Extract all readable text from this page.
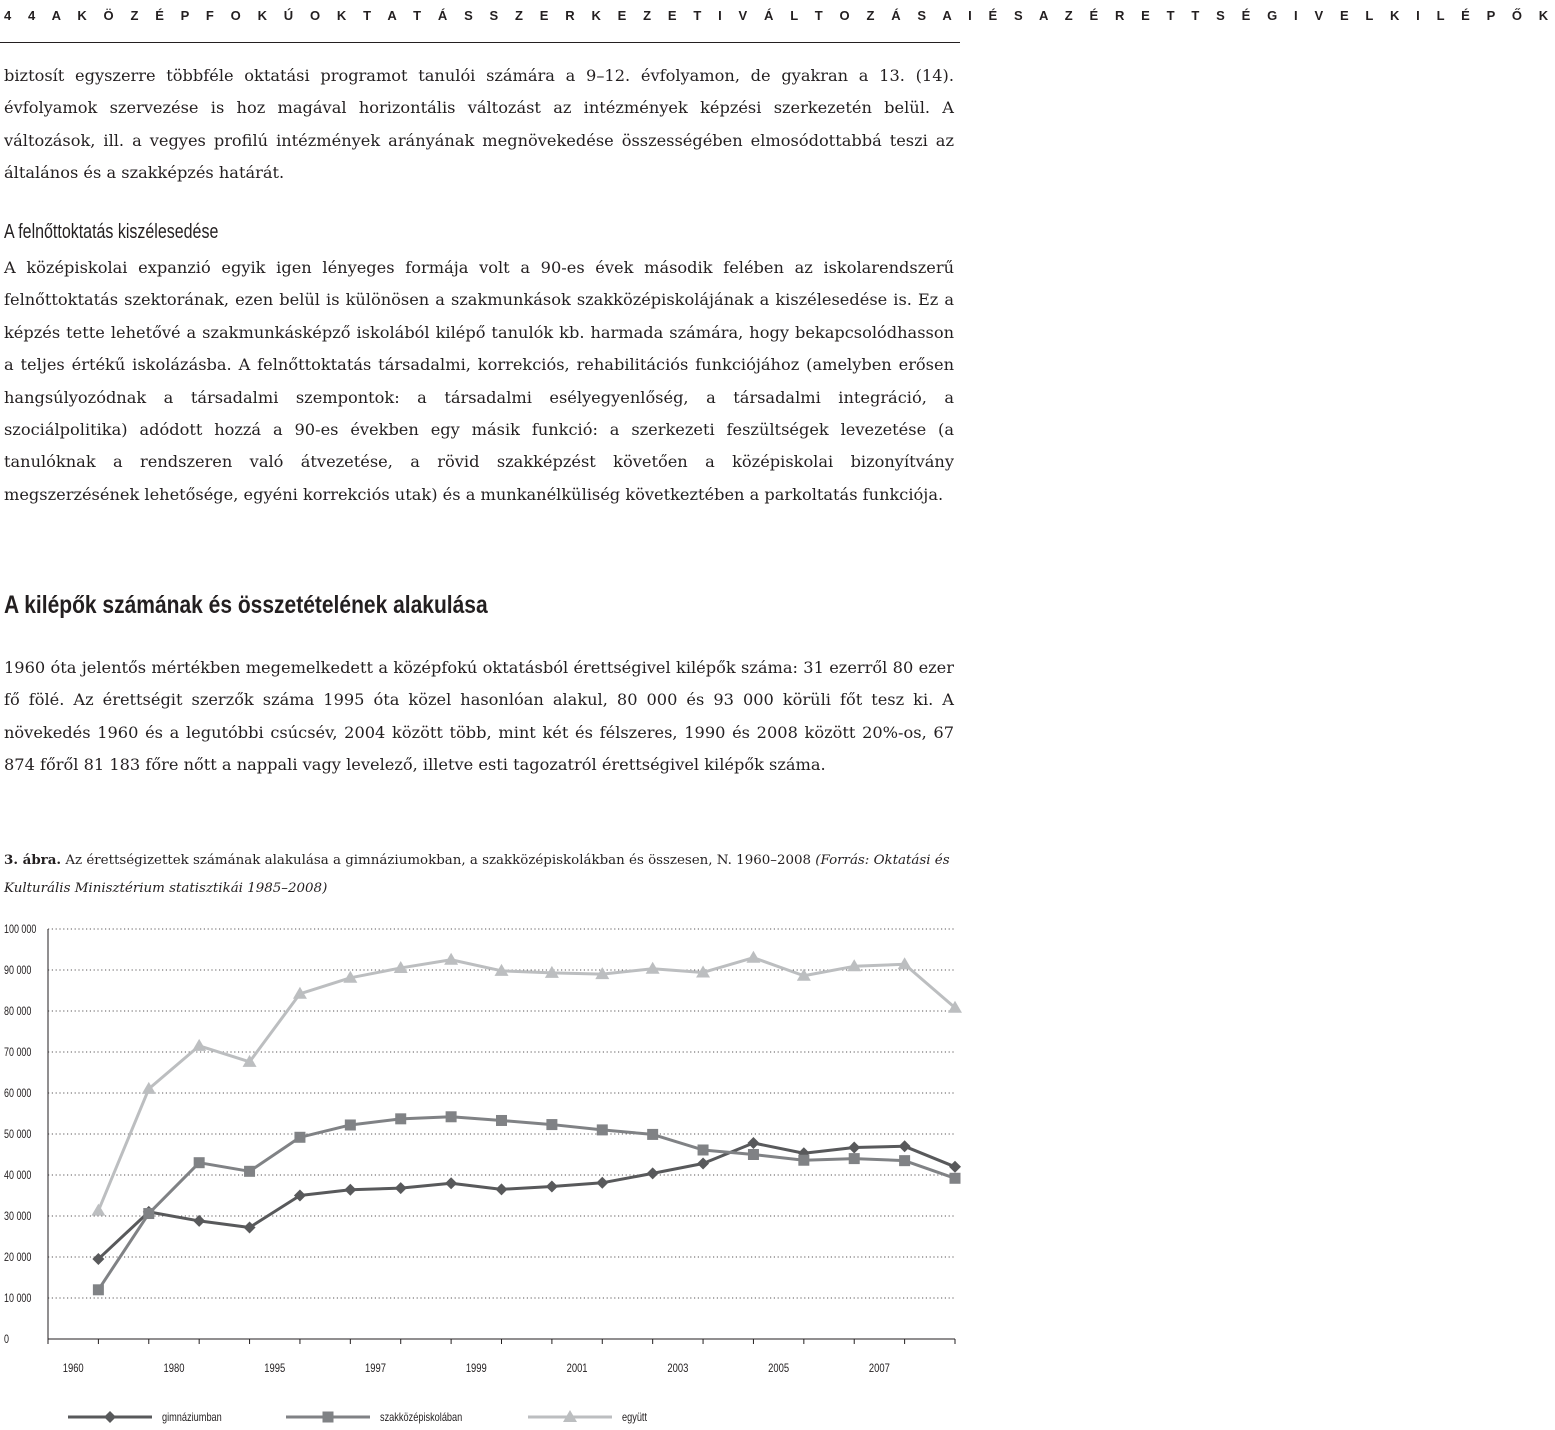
4 4 A K Ö Z É P F O K Ú O K T A T Á S S Z E R K E Z E T I V Á L T O Z Á S A I É S A Z É R E T T S É G I V E L K I L É P Ő K

biztosít egyszerre többféle oktatási programot tanulói számára a 9–12. évfolyamon, de gyakran a 13. (14). évfolyamok szervezése is hoz magával horizontális változást az intézmények képzési szerkezetén belül. A változások, ill. a vegyes profilú intézmények arányának megnövekedése összességében elmosódottabbá teszi az általános és a szakképzés határát.

A felnőttoktatás kiszélesedése

A középiskolai expanzió egyik igen lényeges formája volt a 90-es évek második felében az iskolarendszerű felnőttoktatás szektorának, ezen belül is különösen a szakmunkások szakközépiskolájának a kiszélesedése is. Ez a képzés tette lehetővé a szakmunkásképző iskolából kilépő tanulók kb. harmada számára, hogy bekapcsolódhasson a teljes értékű iskolázásba. A felnőttoktatás társadalmi, korrekciós, rehabilitációs funkciójához (amelyben erősen hangsúlyozódnak a társadalmi szempontok: a társadalmi esélyegyenlőség, a társadalmi integráció, a szociálpolitika) adódott hozzá a 90-es években egy másik funkció: a szerkezeti feszültségek levezetése (a tanulóknak a rendszeren való átvezetése, a rövid szakképzést követően a középiskolai bizonyítvány megszerzésének lehetősége, egyéni korrekciós utak) és a munkanélküliség következtében a parkoltatás funkciója.

A kilépők számának és összetételének alakulása

1960 óta jelentős mértékben megemelkedett a középfokú oktatásból érettségivel kilépők száma: 31 ezerről 80 ezer fő fölé. Az érettségit szerzők száma 1995 óta közel hasonlóan alakul, 80 000 és 93 000 körüli főt tesz ki. A növekedés 1960 és a legutóbbi csúcsév, 2004 között több, mint két és félszeres, 1990 és 2008 között 20%-os, 67 874 főről 81 183 főre nőtt a nappali vagy levelező, illetve esti tagozatról érettségivel kilépők száma.

3. ábra. Az érettségizettek számának alakulása a gimnáziumokban, a szakközépiskolákban és összesen, N. 1960–2008 (Forrás: Oktatási és Kulturális Minisztérium statisztikái 1985–2008)

0
10 000
20 000
30 000
40 000
50 000
60 000
70 000
80 000
90 000
100 000
1960	1980	1995	1997	1999	2001	2003	2005	2007
gimnáziumban	szakközépiskolában	együtt
